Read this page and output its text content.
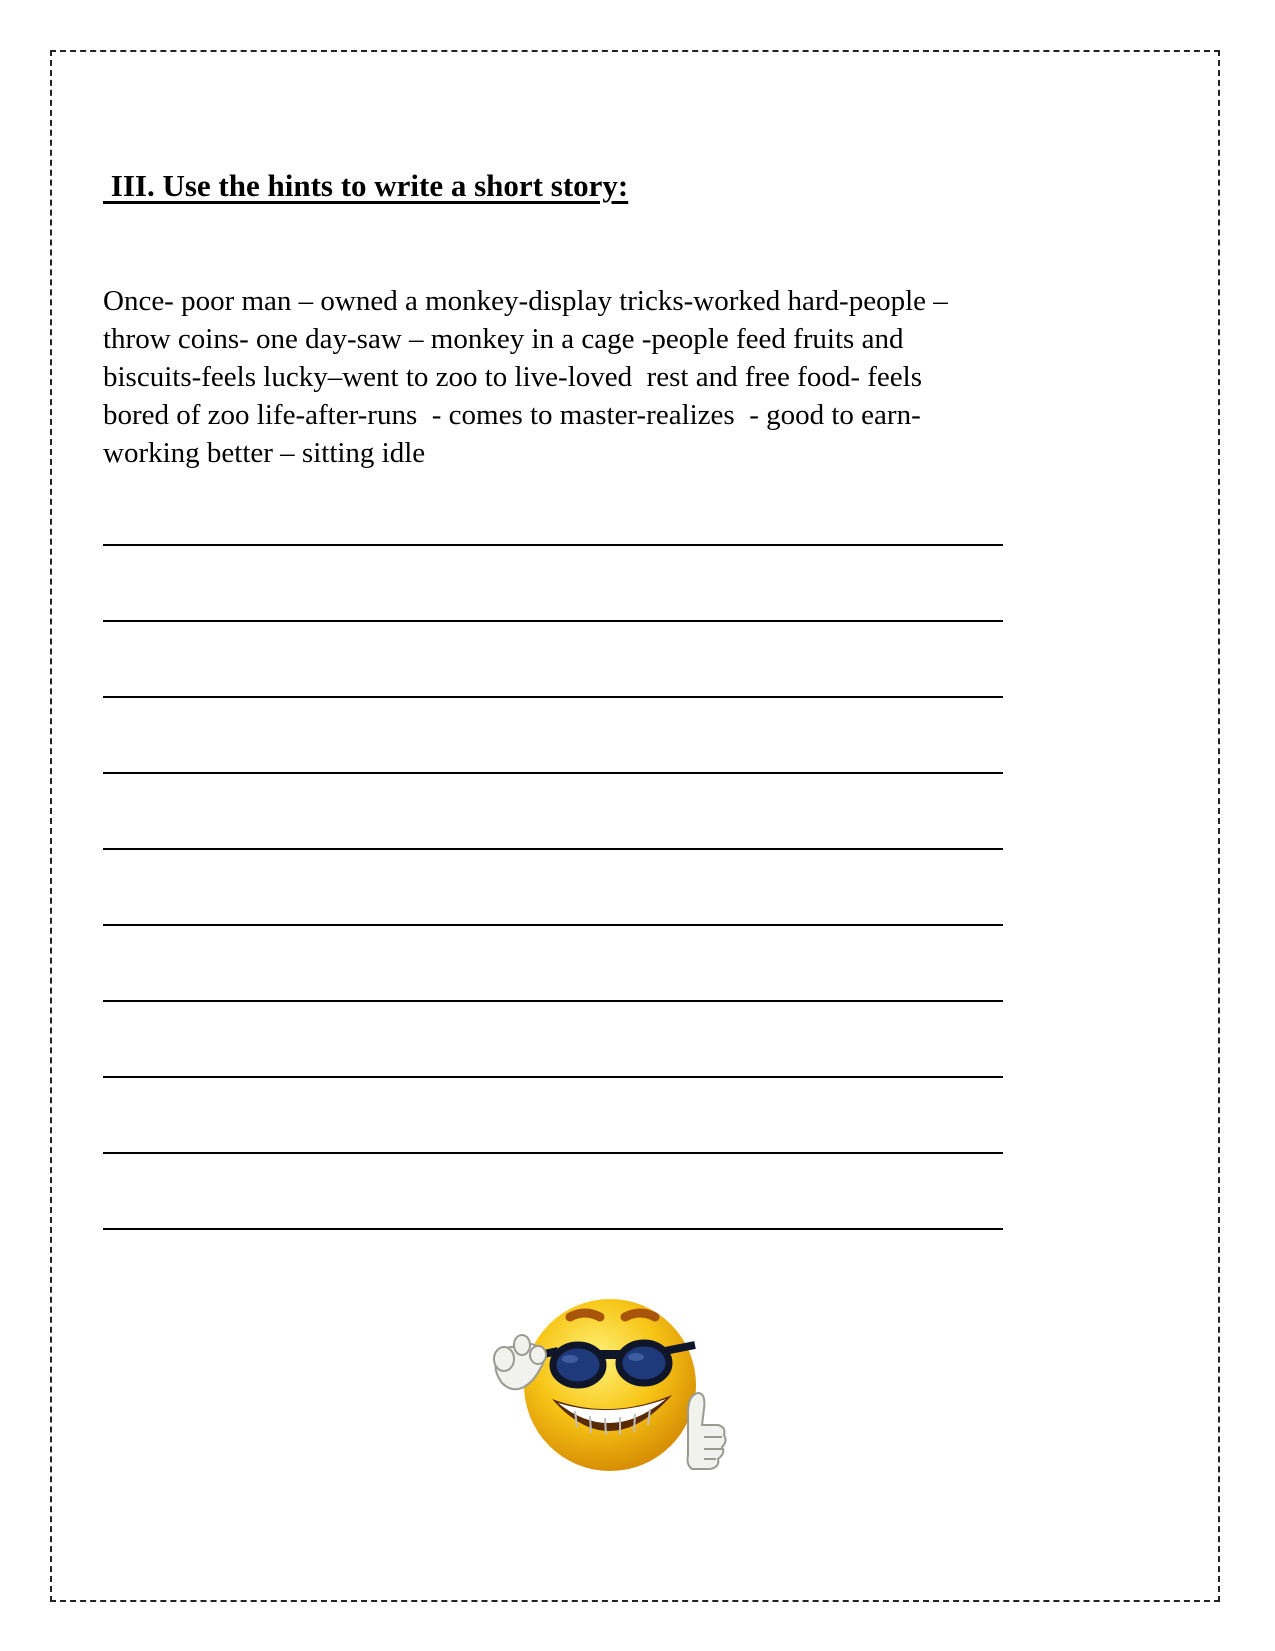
III. Use the hints to write a short story:

Once- poor man – owned a monkey-display tricks-worked hard-people –
throw coins- one day-saw – monkey in a cage -people feed fruits and
biscuits-feels lucky–went to zoo to live-loved  rest and free food- feels
bored of zoo life-after-runs  - comes to master-realizes  - good to earn-
working better – sitting idle
